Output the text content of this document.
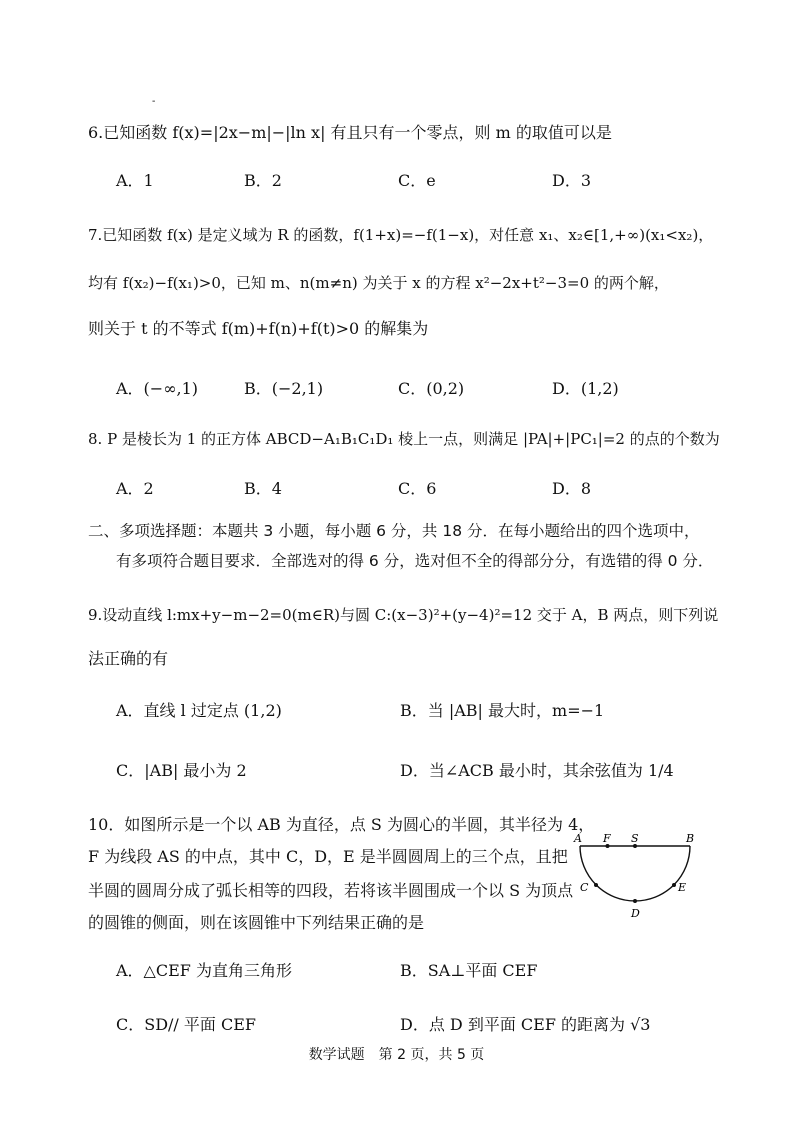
-
6.已知函数 f(x)=|2x−m|−|ln x| 有且只有一个零点，则 m 的取值可以是
A．1	B．2	C．e	D．3
7.已知函数 f(x) 是定义域为 R 的函数，f(1+x)=−f(1−x)，对任意 x₁、x₂∈[1,+∞)(x₁<x₂)，
均有 f(x₂)−f(x₁)>0，已知 m、n(m≠n) 为关于 x 的方程 x²−2x+t²−3=0 的两个解，
则关于 t 的不等式 f(m)+f(n)+f(t)>0 的解集为
A．(−∞,1)	B．(−2,1)	C．(0,2)	D．(1,2)
8. P 是棱长为 1 的正方体 ABCD−A₁B₁C₁D₁ 棱上一点，则满足 |PA|+|PC₁|=2 的点的个数为
A．2	B．4	C．6	D．8
二、多项选择题：本题共 3 小题，每小题 6 分，共 18 分．在每小题给出的四个选项中，
有多项符合题目要求．全部选对的得 6 分，选对但不全的得部分分，有选错的得 0 分．
9.设动直线 l:mx+y−m−2=0(m∈R)与圆 C:(x−3)²+(y−4)²=12 交于 A，B 两点，则下列说
法正确的有
A．直线 l 过定点 (1,2)	B．当 |AB| 最大时，m=−1
C．|AB| 最小为 2	D．当∠ACB 最小时，其余弦值为 1/4
10．如图所示是一个以 AB 为直径，点 S 为圆心的半圆，其半径为 4，
F 为线段 AS 的中点，其中 C，D，E 是半圆圆周上的三个点，且把
半圆的圆周分成了弧长相等的四段，若将该半圆围成一个以 S 为顶点
的圆锥的侧面，则在该圆锥中下列结果正确的是
A F S	B
C
D
E
A．△CEF 为直角三角形	B．SA⊥平面 CEF
C．SD// 平面 CEF	D．点 D 到平面 CEF 的距离为 √3
数学试题　第 2 页，共 5 页
